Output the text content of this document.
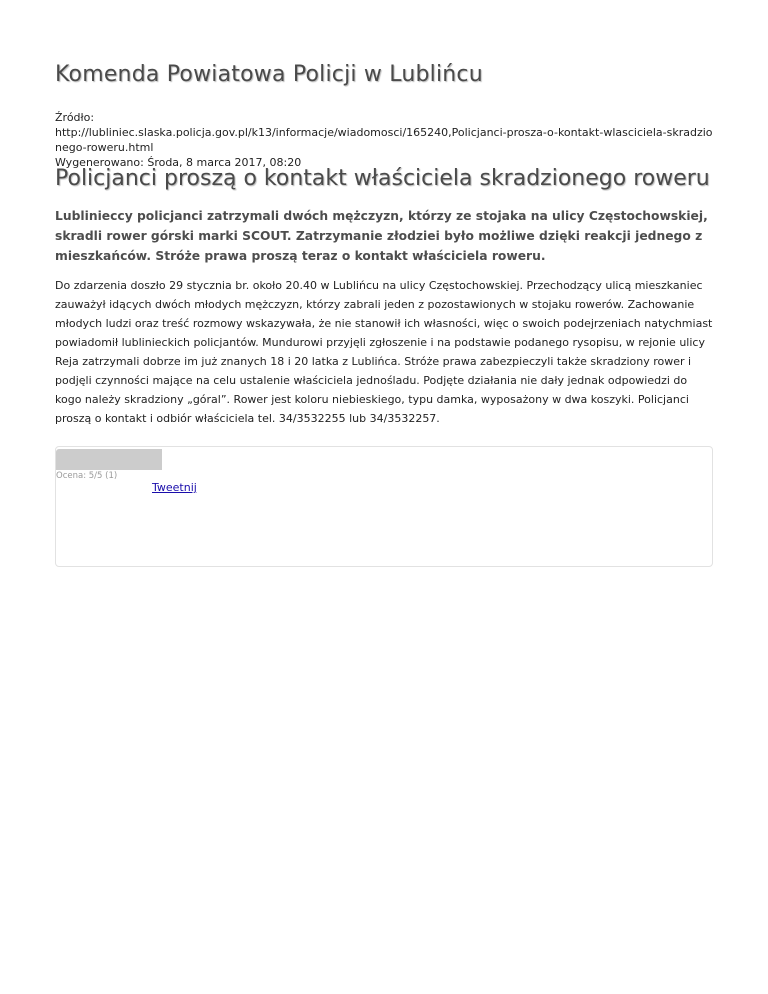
Komenda Powiatowa Policji w Lublińcu
Źródło:
http://lubliniec.slaska.policja.gov.pl/k13/informacje/wiadomosci/165240,Policjanci-prosza-o-kontakt-wlasciciela-skradzionego-roweru.html
Wygenerowano: Środa, 8 marca 2017, 08:20
Policjanci proszą o kontakt właściciela skradzionego roweru
Lublinieccy policjanci zatrzymali dwóch mężczyzn, którzy ze stojaka na ulicy Częstochowskiej, skradli rower górski marki SCOUT. Zatrzymanie złodziei było możliwe dzięki reakcji jednego z mieszkańców. Stróże prawa proszą teraz o kontakt właściciela roweru.
Do zdarzenia doszło 29 stycznia br. około 20.40 w Lublińcu na ulicy Częstochowskiej. Przechodzący ulicą mieszkaniec zauważył idących dwóch młodych mężczyzn, którzy zabrali jeden z pozostawionych w stojaku rowerów. Zachowanie młodych ludzi oraz treść rozmowy wskazywała, że nie stanowił ich własności, więc o swoich podejrzeniach natychmiast powiadomił lublinieckich policjantów. Mundurowi przyjęli zgłoszenie i na podstawie podanego rysopisu, w rejonie ulicy Reja zatrzymali dobrze im już znanych 18 i 20 latka z Lublińca. Stróże prawa zabezpieczyli także skradziony rower i podjęli czynności mające na celu ustalenie właściciela jednośladu. Podjęte działania nie dały jednak odpowiedzi do kogo należy skradziony „góral”. Rower jest koloru niebieskiego, typu damka, wyposażony w dwa koszyki. Policjanci proszą o kontakt i odbiór właściciela tel. 34/3532255 lub 34/3532257.
Ocena: 5/5 (1)
Tweetnij
